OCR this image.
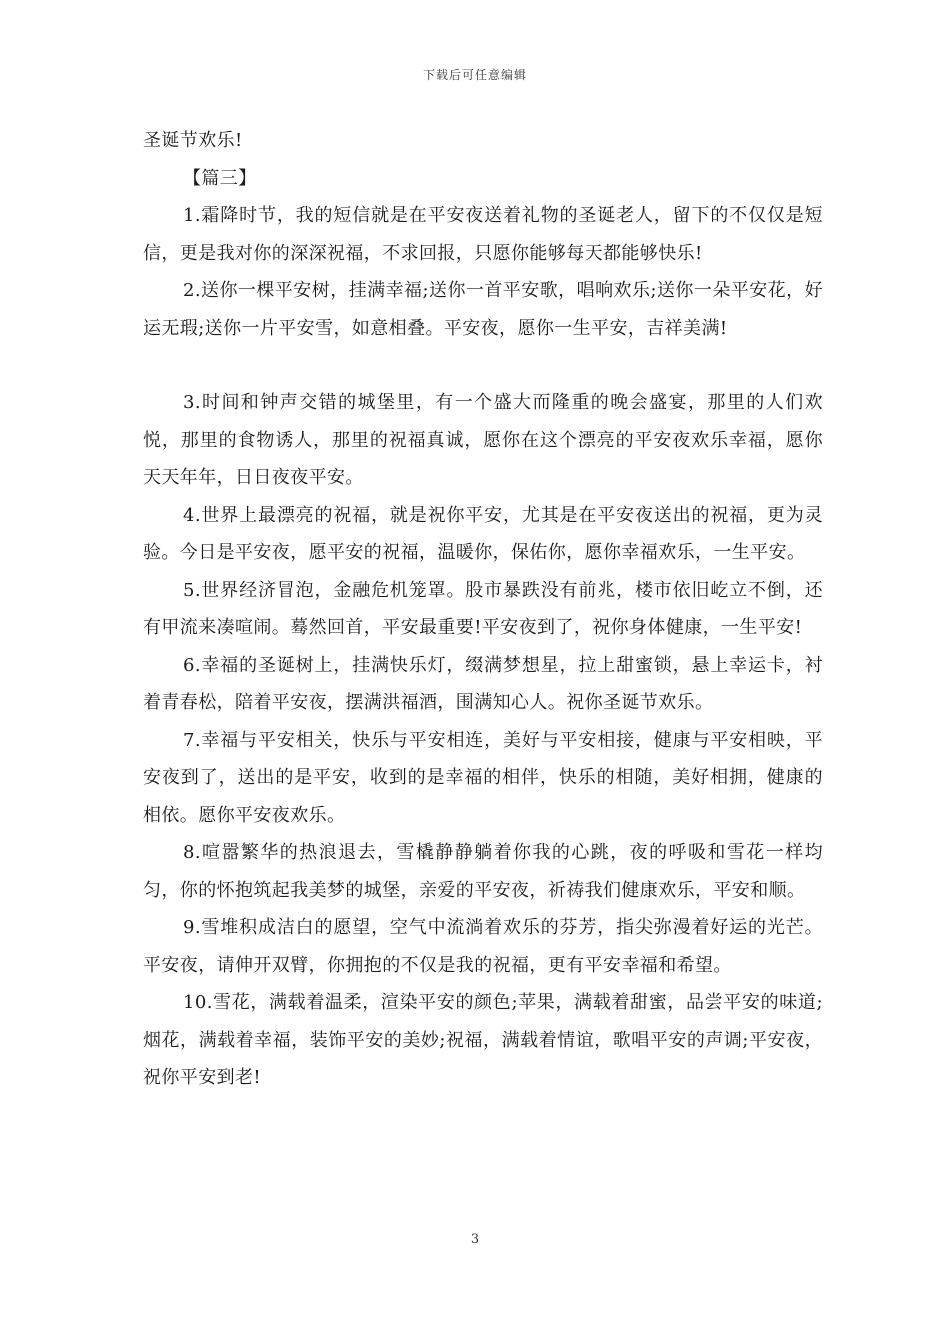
下载后可任意编辑

圣诞节欢乐!

【篇三】

1.霜降时节，我的短信就是在平安夜送着礼物的圣诞老人，留下的不仅仅是短信，更是我对你的深深祝福，不求回报，只愿你能够每天都能够快乐!

2.送你一棵平安树，挂满幸福;送你一首平安歌，唱响欢乐;送你一朵平安花，好运无瑕;送你一片平安雪，如意相叠。平安夜，愿你一生平安，吉祥美满!

3.时间和钟声交错的城堡里，有一个盛大而隆重的晚会盛宴，那里的人们欢悦，那里的食物诱人，那里的祝福真诚，愿你在这个漂亮的平安夜欢乐幸福，愿你天天年年，日日夜夜平安。

4.世界上最漂亮的祝福，就是祝你平安，尤其是在平安夜送出的祝福，更为灵验。今日是平安夜，愿平安的祝福，温暖你，保佑你，愿你幸福欢乐，一生平安。

5.世界经济冒泡，金融危机笼罩。股市暴跌没有前兆，楼市依旧屹立不倒，还有甲流来凑喧闹。蓦然回首，平安最重要!平安夜到了，祝你身体健康，一生平安!

6.幸福的圣诞树上，挂满快乐灯，缀满梦想星，拉上甜蜜锁，悬上幸运卡，衬着青春松，陪着平安夜，摆满洪福酒，围满知心人。祝你圣诞节欢乐。

7.幸福与平安相关，快乐与平安相连，美好与平安相接，健康与平安相映，平安夜到了，送出的是平安，收到的是幸福的相伴，快乐的相随，美好相拥，健康的相依。愿你平安夜欢乐。

8.喧嚣繁华的热浪退去，雪橇静静躺着你我的心跳，夜的呼吸和雪花一样均匀，你的怀抱筑起我美梦的城堡，亲爱的平安夜，祈祷我们健康欢乐，平安和顺。

9.雪堆积成洁白的愿望，空气中流淌着欢乐的芬芳，指尖弥漫着好运的光芒。平安夜，请伸开双臂，你拥抱的不仅是我的祝福，更有平安幸福和希望。

10.雪花，满载着温柔，渲染平安的颜色;苹果，满载着甜蜜，品尝平安的味道;烟花，满载着幸福，装饰平安的美妙;祝福，满载着情谊，歌唱平安的声调;平安夜，祝你平安到老!

3
